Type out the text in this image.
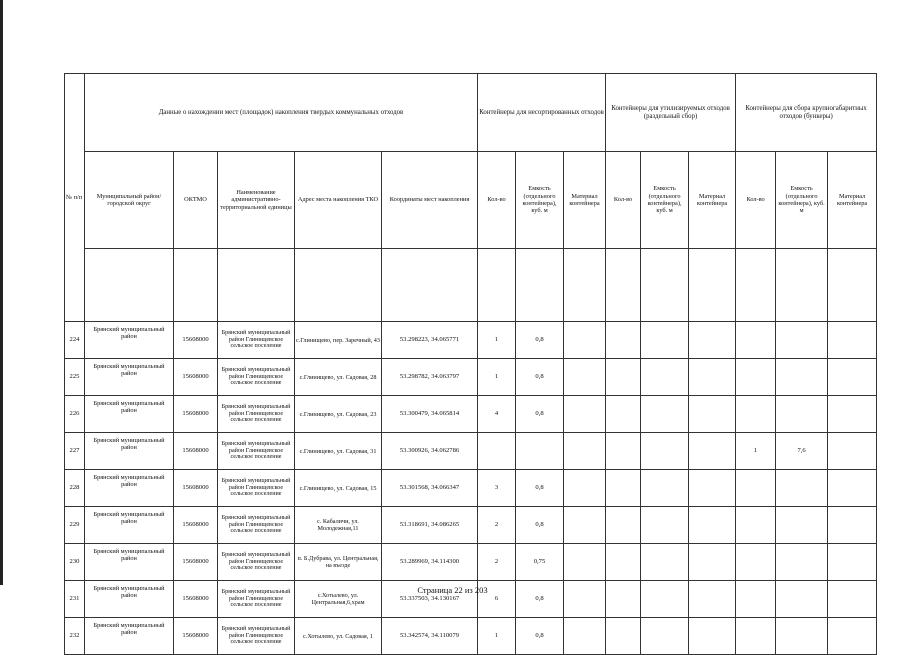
№ п/п	Данные о нахождении мест (площадок) накопления твердых коммунальных отходов					Контейнеры для несортированных отходов			Контейнеры для утилизируемых отходов (раздельный сбор)			Контейнеры для сбора крупногабаритных отходов (бункеры)		
	Муниципальный район/городской округ	ОКТМО	Наименование административно-территориальной единицы	Адрес места накопления ТКО	Координаты мест накопления	Кол-во	Емкость (отдельного контейнера), куб. м	Материал контейнера	Кол-во	Емкость (отдельного контейнера), куб. м	Материал контейнера	Кол-во	Емкость (отдельного контейнера), куб. м	Материал контейнера

224	Брянский муниципальный район	15608000	Брянский муниципальный район Глинищевское сельское поселение	с.Глинищево, пер. Заречный, 43	53.298223, 34.065771	1	0,8							
225	Брянский муниципальный район	15608000	Брянский муниципальный район Глинищевское сельское поселение	с.Глинищево, ул. Садовая, 28	53.298782, 34.063797	1	0,8							
226	Брянский муниципальный район	15608000	Брянский муниципальный район Глинищевское сельское поселение	с.Глинищево, ул. Садовая, 23	53.300479, 34.065814	4	0,8							
227	Брянский муниципальный район	15608000	Брянский муниципальный район Глинищевское сельское поселение	с.Глинищево, ул. Садовая, 31	53.300926, 34.062786							1	7,6	
228	Брянский муниципальный район	15608000	Брянский муниципальный район Глинищевское сельское поселение	с.Глинищево, ул. Садовая, 15	53.301568, 34.066347	3	0,8							
229	Брянский муниципальный район	15608000	Брянский муниципальный район Глинищевское сельское поселение	с. Кабаличи, ул. Молодежная,11	53.318691, 34.086265	2	0,8							
230	Брянский муниципальный район	15608000	Брянский муниципальный район Глинищевское сельское поселение	п. Б.Дубрава, ул. Центральная, на въезде	53.289969, 34.114300	2	0,75							
231	Брянский муниципальный район	15608000	Брянский муниципальный район Глинищевское сельское поселение	с.Хотылево, ул. Центральная,6,храм	53.337503, 34.130167	6	0,8							
232	Брянский муниципальный район	15608000	Брянский муниципальный район Глинищевское сельское поселение	с.Хотылево, ул. Садовая, 1	53.342574, 34.110079	1	0,8							
Страница 22 из 203
